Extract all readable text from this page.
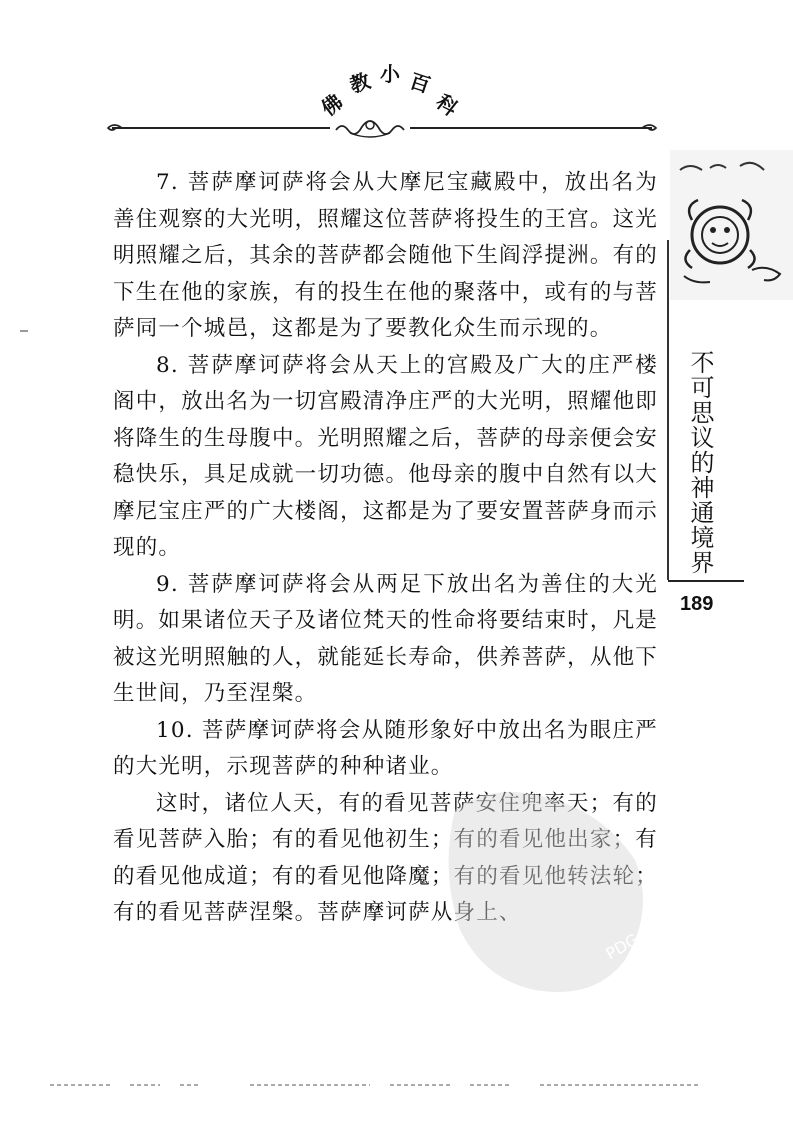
佛
教 小 百
科
不可思议的神通境界
189

7. 菩萨摩诃萨将会从大摩尼宝藏殿中，放出名为善住观察的大光明，照耀这位菩萨将投生的王宫。这光明照耀之后，其余的菩萨都会随他下生阎浮提洲。有的下生在他的家族，有的投生在他的聚落中，或有的与菩萨同一个城邑，这都是为了要教化众生而示现的。

8. 菩萨摩诃萨将会从天上的宫殿及广大的庄严楼阁中，放出名为一切宫殿清净庄严的大光明，照耀他即将降生的生母腹中。光明照耀之后，菩萨的母亲便会安稳快乐，具足成就一切功德。他母亲的腹中自然有以大摩尼宝庄严的广大楼阁，这都是为了要安置菩萨身而示现的。

9. 菩萨摩诃萨将会从两足下放出名为善住的大光明。如果诸位天子及诸位梵天的性命将要结束时，凡是被这光明照触的人，就能延长寿命，供养菩萨，从他下生世间，乃至涅槃。

10. 菩萨摩诃萨将会从随形象好中放出名为眼庄严的大光明，示现菩萨的种种诸业。

这时，诸位人天，有的看见菩萨安住兜率天；有的看见菩萨入胎；有的看见他初生；有的看见他出家；有的看见他成道；有的看见他降魔；有的看见他转法轮；有的看见菩萨涅槃。菩萨摩诃萨从身上、

PDG
